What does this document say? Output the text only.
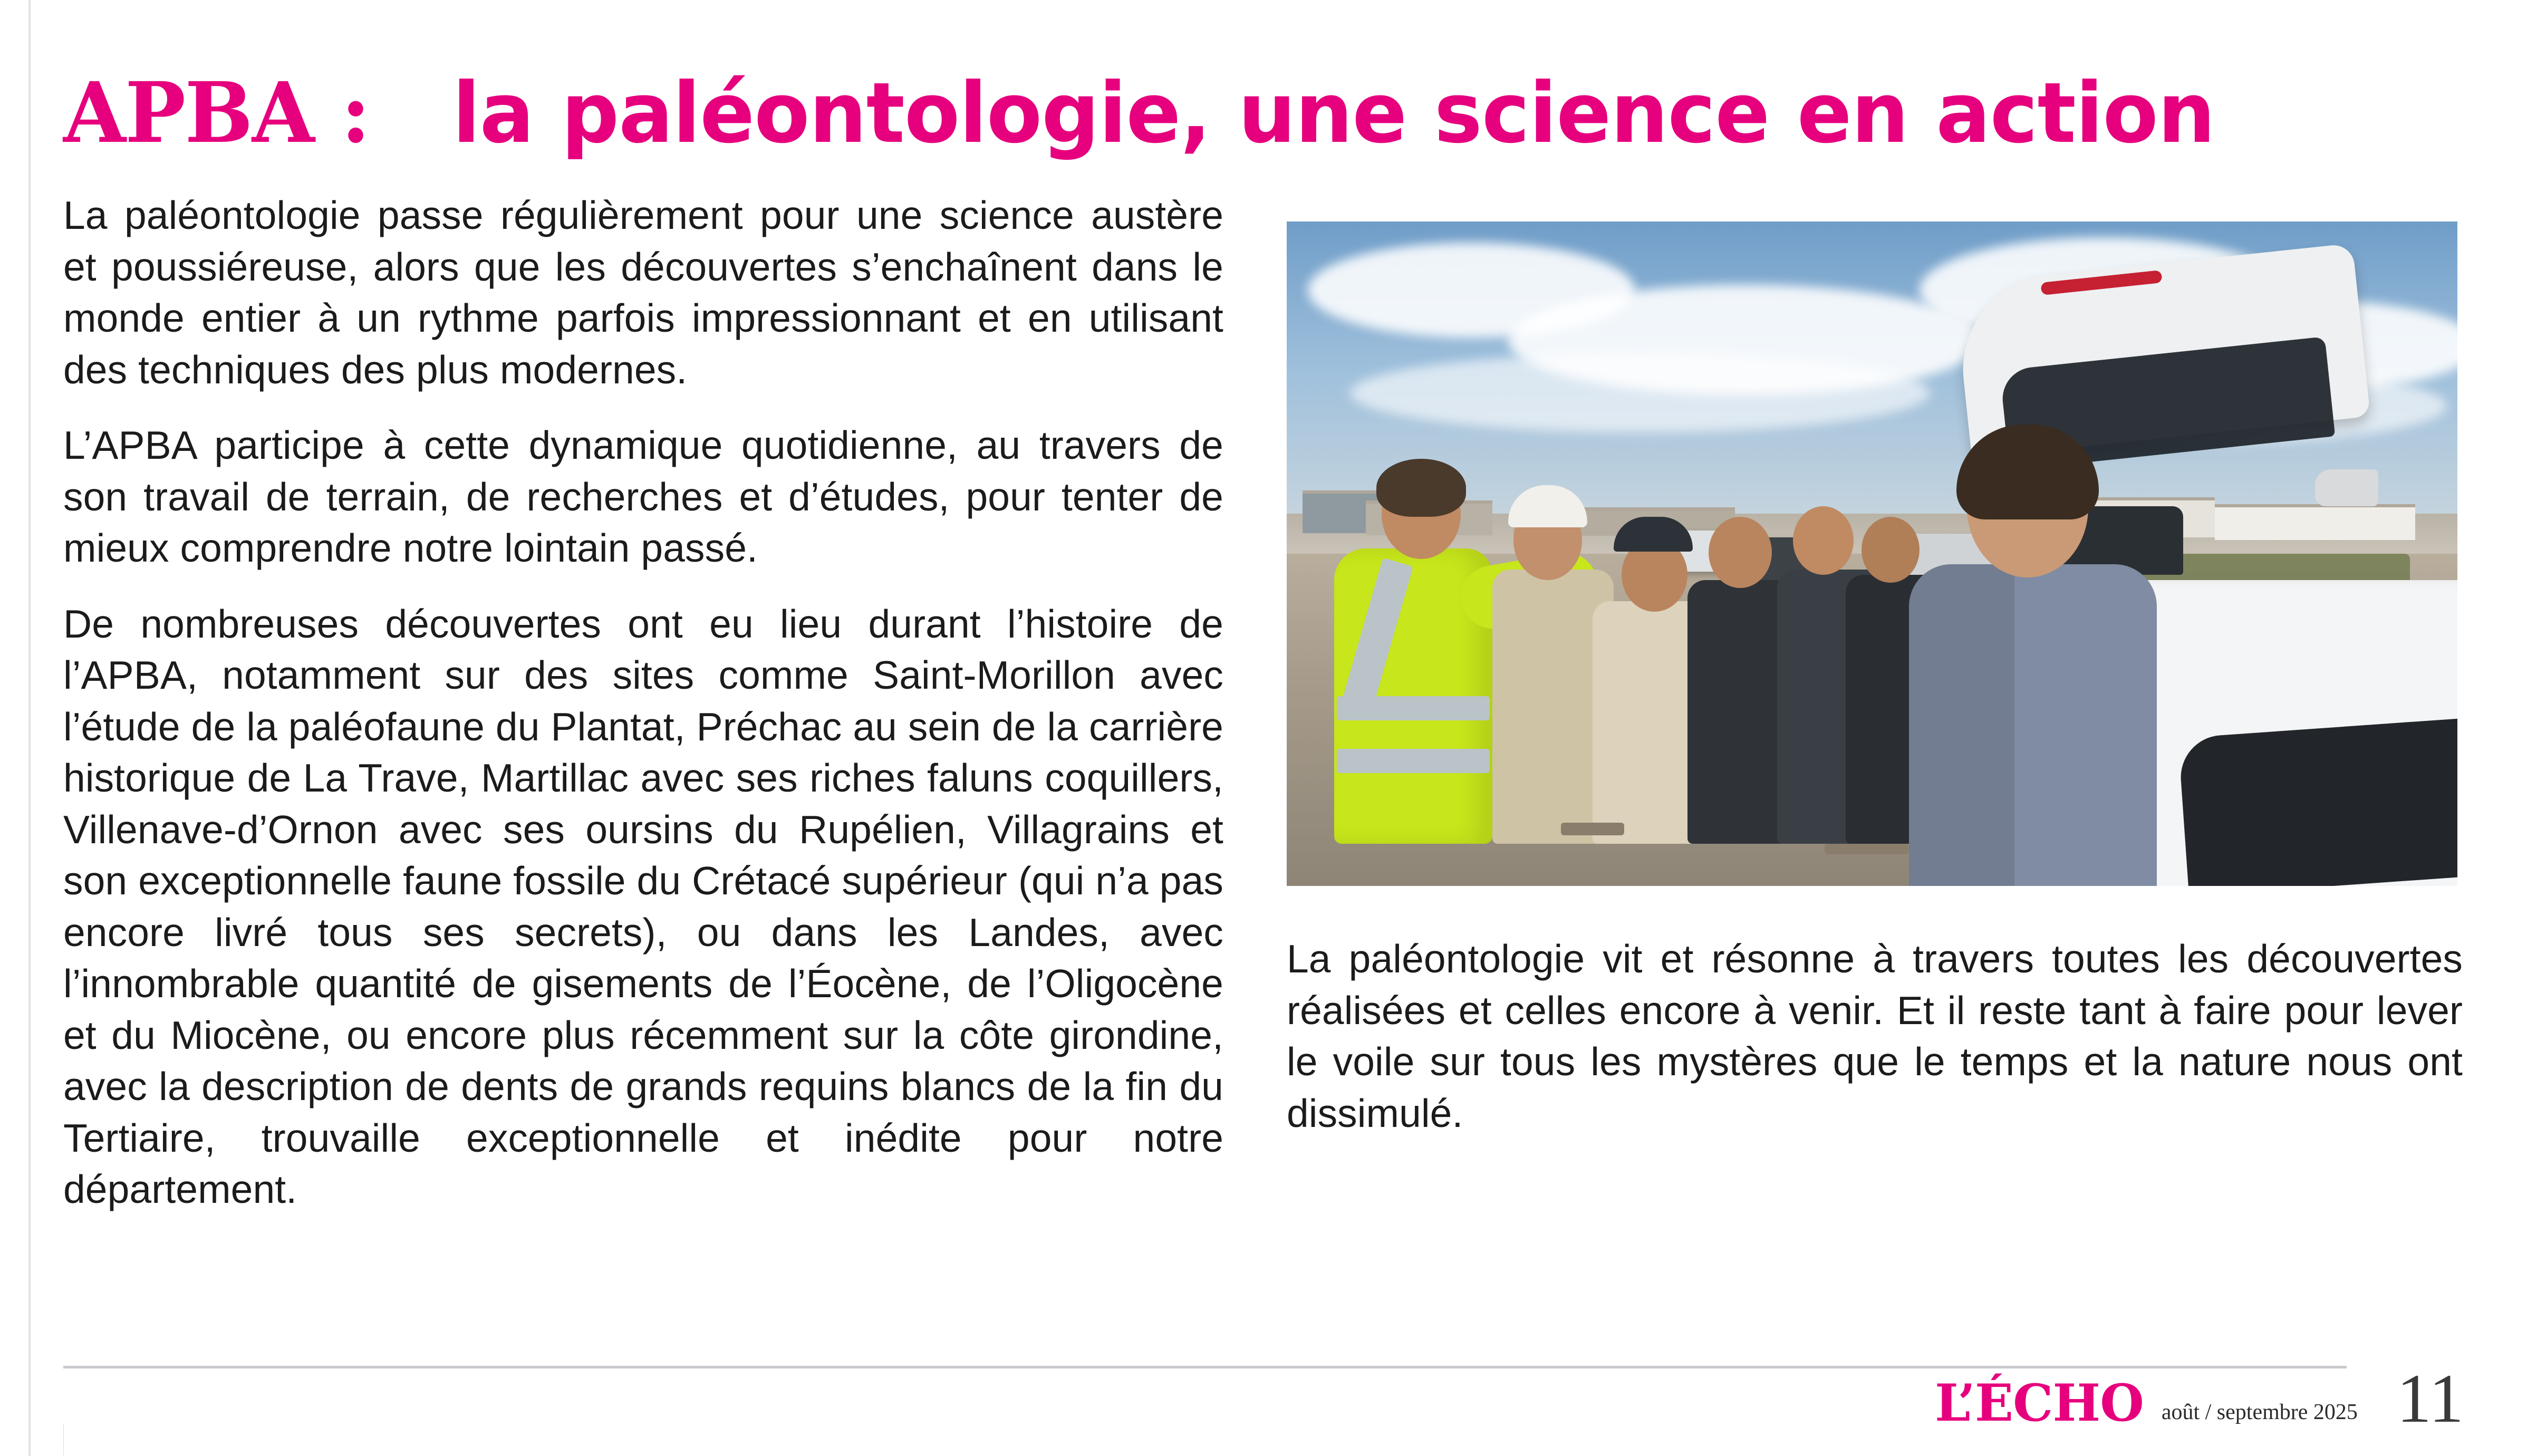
APBA : la paléontologie, une science en action

La paléontologie passe régulièrement pour une science austère et poussiéreuse, alors que les découvertes s’enchaînent dans le monde entier à un rythme parfois impressionnant et en utilisant des techniques des plus modernes.

L’APBA participe à cette dynamique quotidienne, au travers de son travail de terrain, de recherches et d’études, pour tenter de mieux comprendre notre lointain passé.

De nombreuses découvertes ont eu lieu durant l’histoire de l’APBA, notamment sur des sites comme Saint-Morillon avec l’étude de la paléofaune du Plantat, Préchac au sein de la carrière historique de La Trave, Martillac avec ses riches faluns coquillers, Villenave-d’Ornon avec ses oursins du Rupélien, Villagrains et son exceptionnelle faune fossile du Crétacé supérieur (qui n’a pas encore livré tous ses secrets), ou dans les Landes, avec l’innombrable quantité de gisements de l’Éocène, de l’Oligocène et du Miocène, ou encore plus récemment sur la côte girondine, avec la description de dents de grands requins blancs de la fin du Tertiaire, trouvaille exceptionnelle et inédite pour notre département.

La paléontologie vit et résonne à travers toutes les découvertes réalisées et celles encore à venir. Et il reste tant à faire pour lever le voile sur tous les mystères que le temps et la nature nous ont dissimulé.

L’ÉCHO août / septembre 2025 11
